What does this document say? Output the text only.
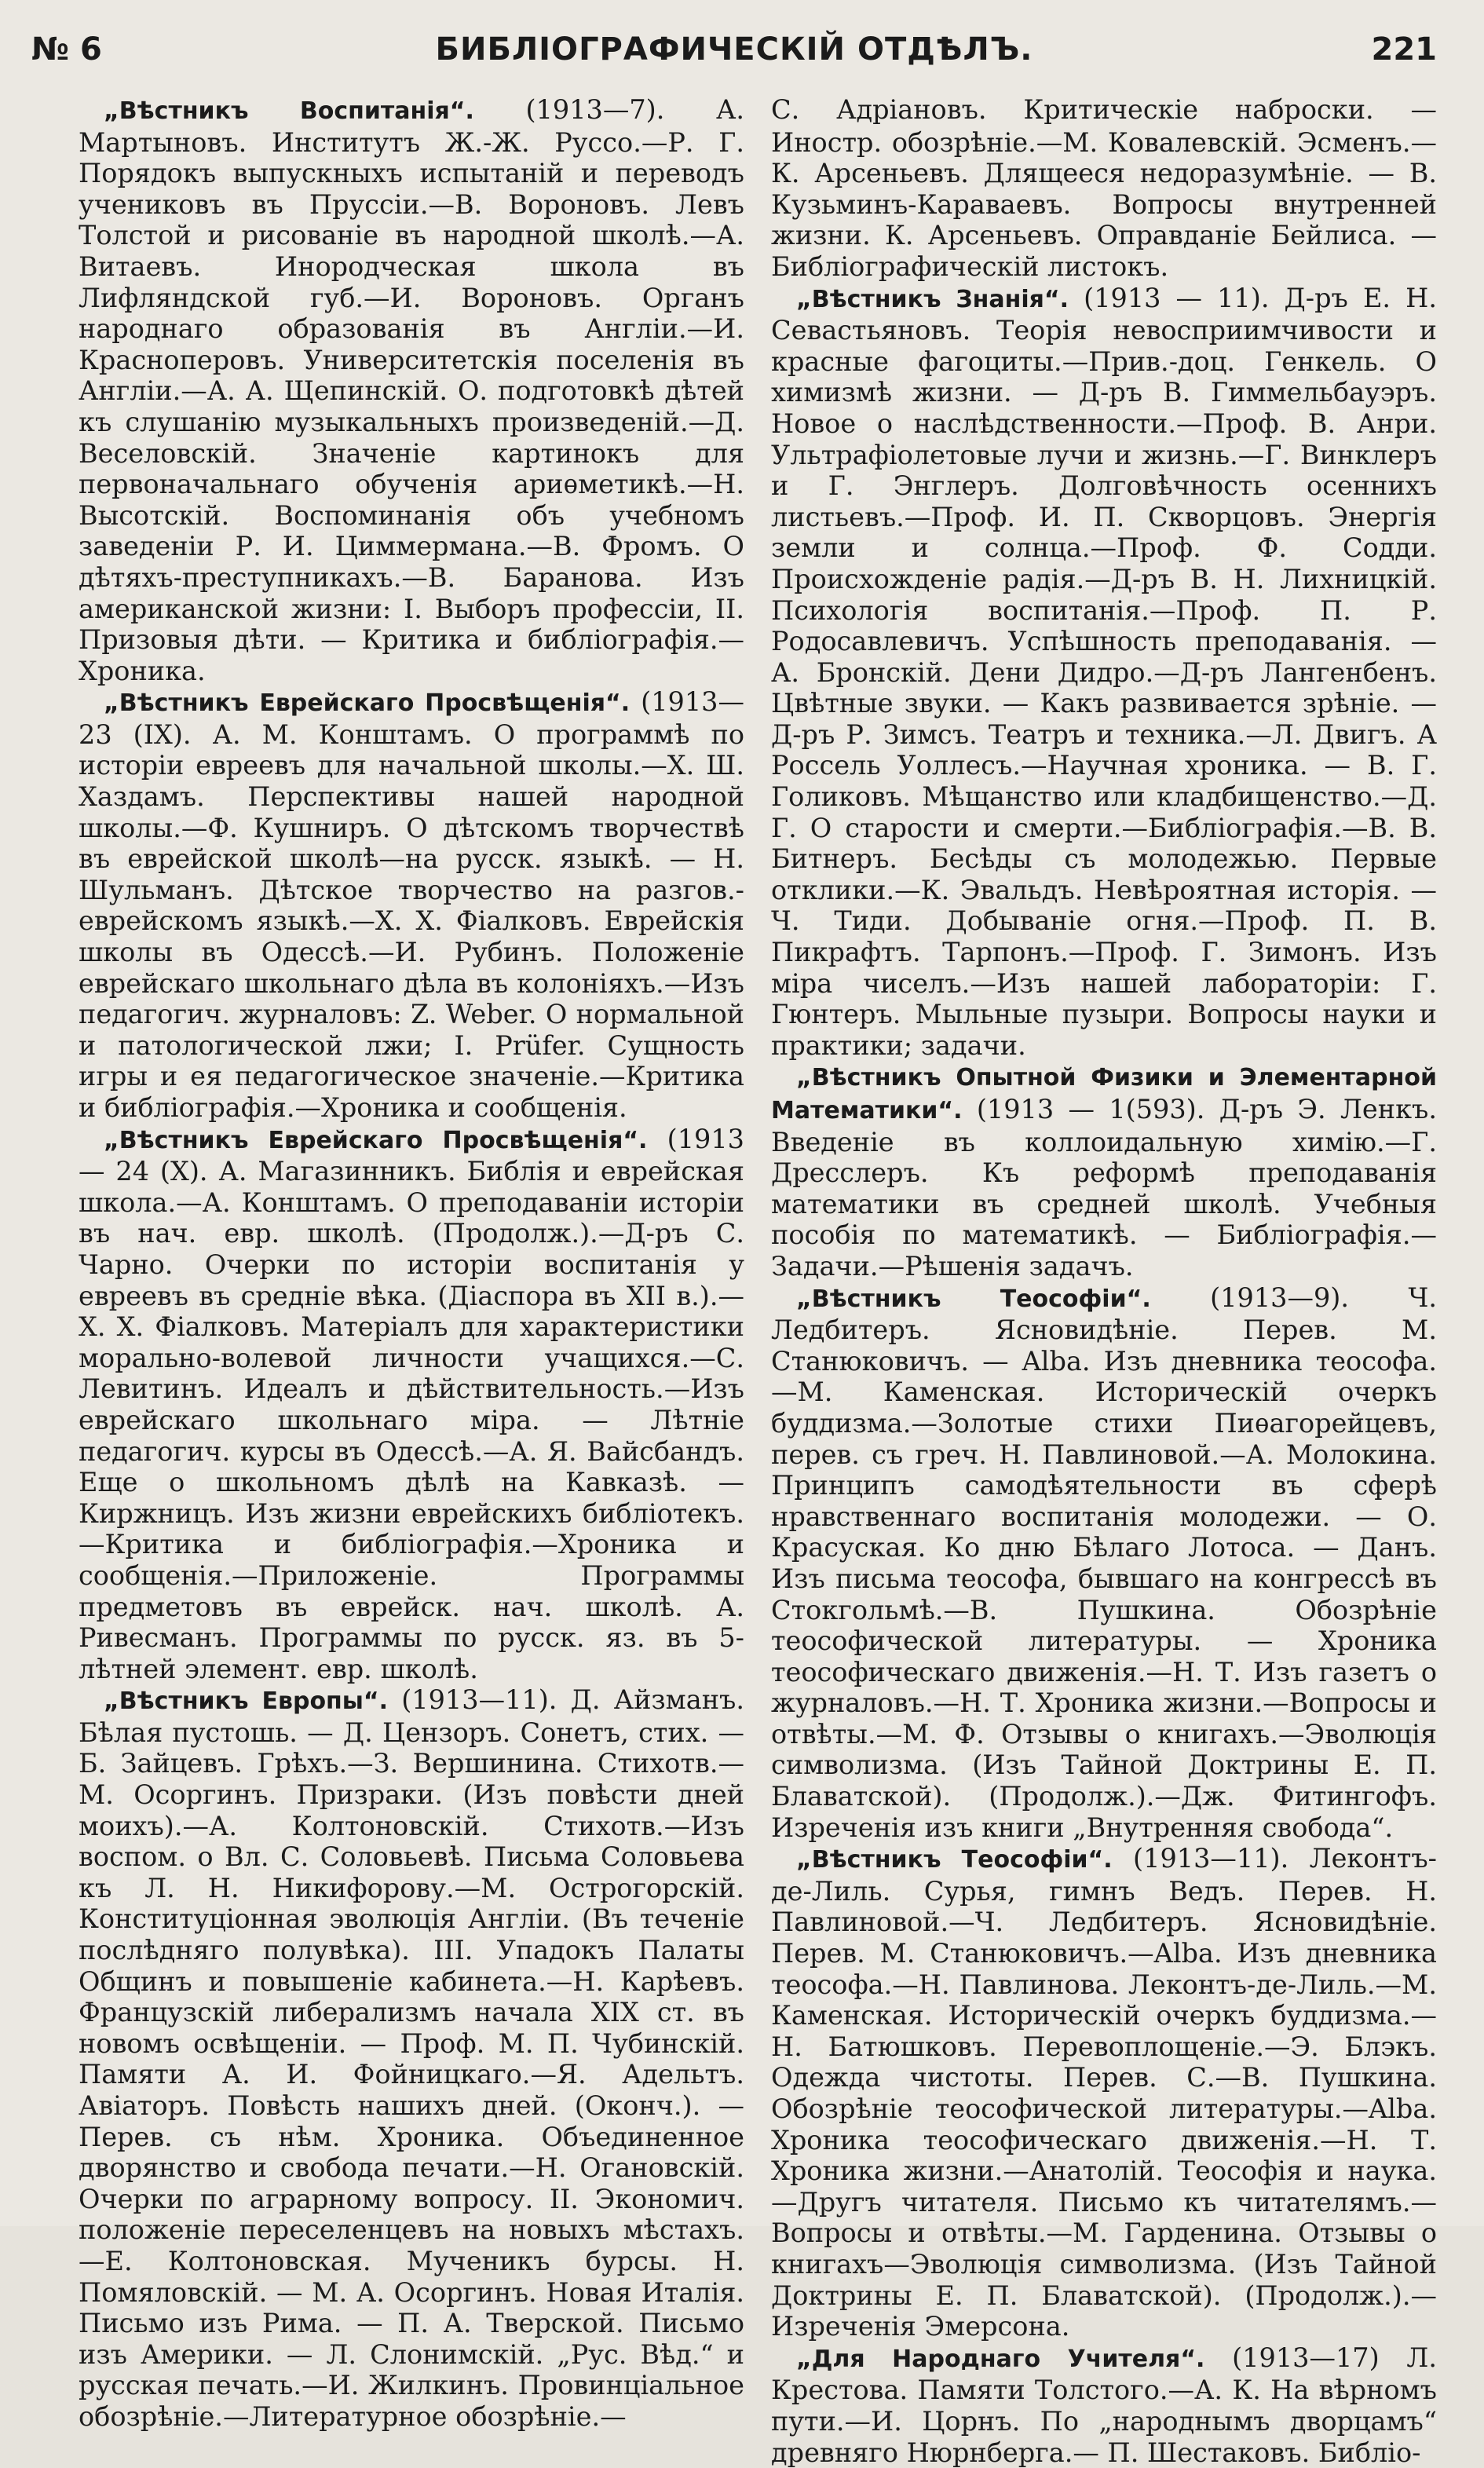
№ 6	БИБЛІОГРАФИЧЕСКІЙ ОТДѢЛЪ.	221

„Вѣстникъ Воспитанія“. (1913—7). А. Мартыновъ. Институтъ Ж.-Ж. Руссо.—Р. Г. Порядокъ выпускныхъ испытаній и переводъ учениковъ въ Пруссіи.—В. Вороновъ. Левъ Толстой и рисованіе въ народной школѣ.—А. Витаевъ. Инородческая школа въ Лифляндской губ.—И. Вороновъ. Органъ народнаго образованія въ Англіи.—И. Красноперовъ. Университетскія поселенія въ Англіи.—А. А. Щепинскій. О. подготовкѣ дѣтей къ слушанію музыкальныхъ произведеній.—Д. Веселовскій. Значеніе картинокъ для первоначальнаго обученія ариѳметикѣ.—Н. Высотскій. Воспоминанія объ учебномъ заведеніи Р. И. Циммермана.—В. Фромъ. О дѣтяхъ-преступникахъ.—В. Баранова. Изъ американской жизни: I. Выборъ профессіи, II. Призовыя дѣти. — Критика и библіографія.—Хроника.

„Вѣстникъ Еврейскаго Просвѣщенія“. (1913—23 (IX). А. М. Конштамъ. О программѣ по исторіи евреевъ для начальной школы.—Х. Ш. Хаздамъ. Перспективы нашей народной школы.—Ф. Кушниръ. О дѣтскомъ творчествѣ въ еврейской школѣ—на русск. языкѣ. — Н. Шульманъ. Дѣтское творчество на разгов.-еврейскомъ языкѣ.—Х. Х. Фіалковъ. Еврейскія школы въ Одессѣ.—И. Рубинъ. Положеніе еврейскаго школьнаго дѣла въ колоніяхъ.—Изъ педагогич. журналовъ: Z. Weber. О нормальной и патологической лжи; I. Prüfer. Сущность игры и ея педагогическое значеніе.—Критика и библіографія.—Хроника и сообщенія.

„Вѣстникъ Еврейскаго Просвѣщенія“. (1913 — 24 (X). А. Магазинникъ. Библія и еврейская школа.—А. Конштамъ. О преподаваніи исторіи въ нач. евр. школѣ. (Продолж.).—Д-ръ С. Чарно. Очерки по исторіи воспитанія у евреевъ въ средніе вѣка. (Діаспора въ XII в.).—Х. Х. Фіалковъ. Матеріалъ для характеристики морально-волевой личности учащихся.—С. Левитинъ. Идеалъ и дѣйствительность.—Изъ еврейскаго школьнаго міра. — Лѣтніе педагогич. курсы въ Одессѣ.—А. Я. Вайсбандъ. Еще о школьномъ дѣлѣ на Кавказѣ. — Киржницъ. Изъ жизни еврейскихъ библіотекъ.—Критика и библіографія.—Хроника и сообщенія.—Приложеніе. Программы предметовъ въ еврейск. нач. школѣ. А. Ривесманъ. Программы по русск. яз. въ 5-лѣтней элемент. евр. школѣ.

„Вѣстникъ Европы“. (1913—11). Д. Айзманъ. Бѣлая пустошь. — Д. Цензоръ. Сонетъ, стих. — Б. Зайцевъ. Грѣхъ.—З. Вершинина. Стихотв.—М. Осоргинъ. Призраки. (Изъ повѣсти дней моихъ).—А. Колтоновскій. Стихотв.—Изъ воспом. о Вл. С. Соловьевѣ. Письма Соловьева къ Л. Н. Никифорову.—М. Острогорскій. Конституціонная эволюція Англіи. (Въ теченіе послѣдняго полувѣка). III. Упадокъ Палаты Общинъ и повышеніе кабинета.—Н. Карѣевъ. Французскій либерализмъ начала XIX ст. въ новомъ освѣщеніи. — Проф. М. П. Чубинскій. Памяти А. И. Фойницкаго.—Я. Адельтъ. Авіаторъ. Повѣсть нашихъ дней. (Оконч.). — Перев. съ нѣм. Хроника. Объединенное дворянство и свобода печати.—Н. Огановскій. Очерки по аграрному вопросу. II. Экономич. положеніе переселенцевъ на новыхъ мѣстахъ.—Е. Колтоновская. Мученикъ бурсы. Н. Помяловскій. — М. А. Осоргинъ. Новая Италія. Письмо изъ Рима. — П. А. Тверской. Письмо изъ Америки. — Л. Слонимскій. „Рус. Вѣд.“ и русская печать.—И. Жилкинъ. Провинціальное обозрѣніе.—Литературное обозрѣніе.—

С. Адріановъ. Критическіе наброски. — Иностр. обозрѣніе.—М. Ковалевскій. Эсменъ.—К. Арсеньевъ. Длящееся недоразумѣніе. — В. Кузьминъ-Караваевъ. Вопросы внутренней жизни. К. Арсеньевъ. Оправданіе Бейлиса. — Библіографическій листокъ.

„Вѣстникъ Знанія“. (1913 — 11). Д-ръ Е. Н. Севастьяновъ. Теорія невосприимчивости и красные фагоциты.—Прив.-доц. Генкель. О химизмѣ жизни. — Д-ръ В. Гиммельбауэръ. Новое о наслѣдственности.—Проф. В. Анри. Ультрафіолетовые лучи и жизнь.—Г. Винклеръ и Г. Энглеръ. Долговѣчность осеннихъ листьевъ.—Проф. И. П. Скворцовъ. Энергія земли и солнца.—Проф. Ф. Содди. Происхожденіе радія.—Д-ръ В. Н. Лихницкій. Психологія воспитанія.—Проф. П. Р. Родосавлевичъ. Успѣшность преподаванія. — А. Бронскій. Дени Дидро.—Д-ръ Лангенбенъ. Цвѣтные звуки. — Какъ развивается зрѣніе. — Д-ръ Р. Зимсъ. Театръ и техника.—Л. Двигъ. А Россель Уоллесъ.—Научная хроника. — В. Г. Голиковъ. Мѣщанство или кладбищенство.—Д. Г. О старости и смерти.—Библіографія.—В. В. Битнеръ. Бесѣды съ молодежью. Первые отклики.—К. Эвальдъ. Невѣроятная исторія. — Ч. Тиди. Добываніе огня.—Проф. П. В. Пикрафтъ. Тарпонъ.—Проф. Г. Зимонъ. Изъ міра чиселъ.—Изъ нашей лабораторіи: Г. Гюнтеръ. Мыльные пузыри. Вопросы науки и практики; задачи.

„Вѣстникъ Опытной Физики и Элементарной Математики“. (1913 — 1(593). Д-ръ Э. Ленкъ. Введеніе въ коллоидальную химію.—Г. Дресслеръ. Къ реформѣ преподаванія математики въ средней школѣ. Учебныя пособія по математикѣ. — Библіографія.—Задачи.—Рѣшенія задачъ.

„Вѣстникъ Теософіи“. (1913—9). Ч. Ледбитеръ. Ясновидѣніе. Перев. М. Станюковичъ. — Alba. Изъ дневника теософа.—М. Каменская. Историческій очеркъ буддизма.—Золотые стихи Пиѳагорейцевъ, перев. съ греч. Н. Павлиновой.—А. Молокина. Принципъ самодѣятельности въ сферѣ нравственнаго воспитанія молодежи. — О. Красуская. Ко дню Бѣлаго Лотоса. — Данъ. Изъ письма теософа, бывшаго на конгрессѣ въ Стокгольмѣ.—В. Пушкина. Обозрѣніе теософической литературы. — Хроника теософическаго движенія.—Н. Т. Изъ газетъ о журналовъ.—Н. Т. Хроника жизни.—Вопросы и отвѣты.—М. Ф. Отзывы о книгахъ.—Эволюція символизма. (Изъ Тайной Доктрины Е. П. Блаватской). (Продолж.).—Дж. Фитингофъ. Изреченія изъ книги „Внутренняя свобода“.

„Вѣстникъ Теософіи“. (1913—11). Леконтъ-де-Лиль. Сурья, гимнъ Ведъ. Перев. Н. Павлиновой.—Ч. Ледбитеръ. Ясновидѣніе. Перев. М. Станюковичъ.—Alba. Изъ дневника теософа.—Н. Павлинова. Леконтъ-де-Лиль.—М. Каменская. Историческій очеркъ буддизма.—Н. Батюшковъ. Перевоплощеніе.—Э. Блэкъ. Одежда чистоты. Перев. С.—В. Пушкина. Обозрѣніе теософической литературы.—Alba. Хроника теософическаго движенія.—Н. Т. Хроника жизни.—Анатолій. Теософія и наука.—Другъ читателя. Письмо къ читателямъ.—Вопросы и отвѣты.—М. Гарденина. Отзывы о книгахъ—Эволюція символизма. (Изъ Тайной Доктрины Е. П. Блаватской). (Продолж.).—Изреченія Эмерсона.

„Для Народнаго Учителя“. (1913—17) Л. Крестова. Памяти Толстого.—А. К. На вѣрномъ пути.—И. Цорнъ. По „народнымъ дворцамъ“ древняго Нюрнберга.— П. Шестаковъ. Библіо-
